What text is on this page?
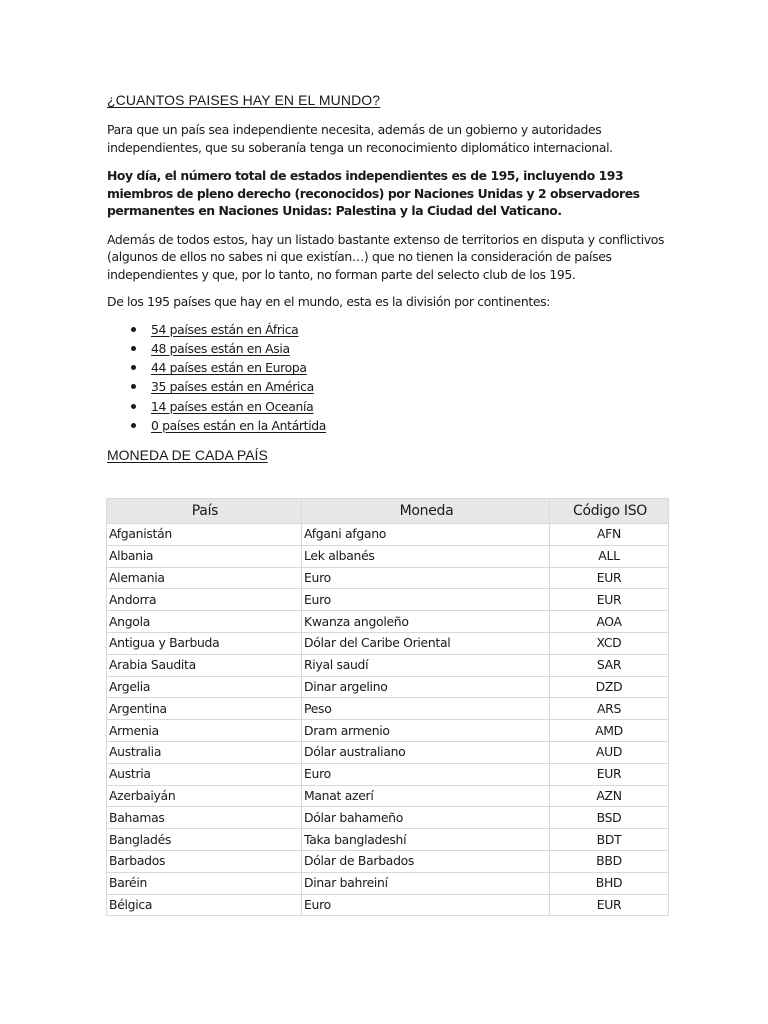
¿CUANTOS PAISES HAY EN EL MUNDO?

Para que un país sea independiente necesita, además de un gobierno y autoridades independientes, que su soberanía tenga un reconocimiento diplomático internacional.

Hoy día, el número total de estados independientes es de 195, incluyendo 193 miembros de pleno derecho (reconocidos) por Naciones Unidas y 2 observadores permanentes en Naciones Unidas: Palestina y la Ciudad del Vaticano.

Además de todos estos, hay un listado bastante extenso de territorios en disputa y conflictivos (algunos de ellos no sabes ni que existían…) que no tienen la consideración de países independientes y que, por lo tanto, no forman parte del selecto club de los 195.

De los 195 países que hay en el mundo, esta es la división por continentes:

54 países están en África
48 países están en Asia
44 países están en Europa
35 países están en América
14 países están en Oceanía
0 países están en la Antártida
MONEDA DE CADA PAÍS
País	Moneda	Código ISO
Afganistán	Afgani afgano	AFN
Albania	Lek albanés	ALL
Alemania	Euro	EUR
Andorra	Euro	EUR
Angola	Kwanza angoleño	AOA
Antigua y Barbuda	Dólar del Caribe Oriental	XCD
Arabia Saudita	Riyal saudí	SAR
Argelia	Dinar argelino	DZD
Argentina	Peso	ARS
Armenia	Dram armenio	AMD
Australia	Dólar australiano	AUD
Austria	Euro	EUR
Azerbaiyán	Manat azerí	AZN
Bahamas	Dólar bahameño	BSD
Bangladés	Taka bangladeshí	BDT
Barbados	Dólar de Barbados	BBD
Baréin	Dinar bahreiní	BHD
Bélgica	Euro	EUR
